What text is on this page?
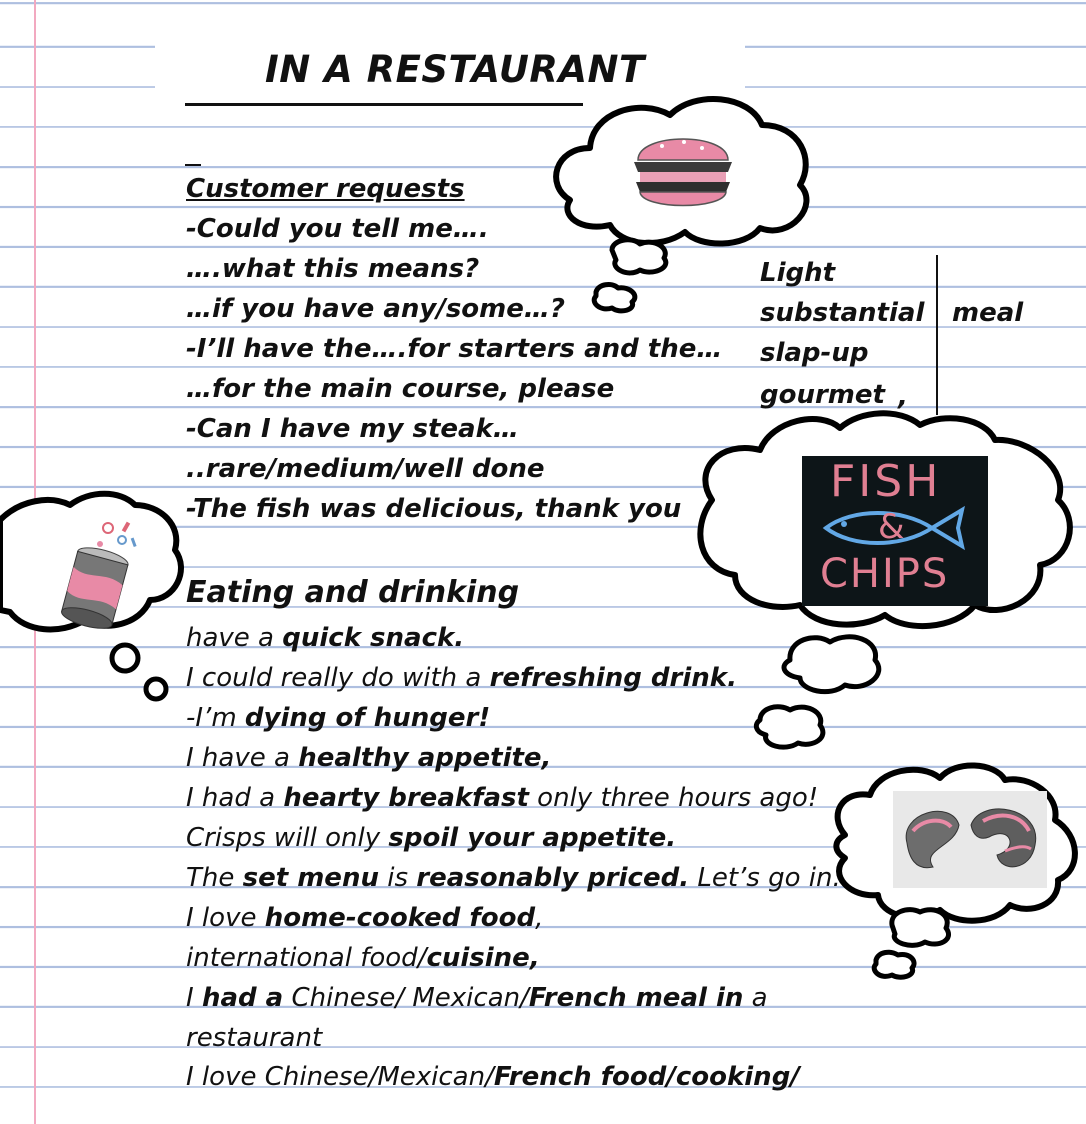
FISH
&
CHIPS
IN A RESTAURANT
Customer requests
-Could you tell me….
….what this means?
…if you have any/some…?
-I’ll have the….for starters and the…
…for the main course, please
-Can I have my steak…
..rare/medium/well done
-The fish was delicious, thank you
Light
substantial meal
slap-up
gourmet ,
Eating and drinking
have a quick snack.
I could really do with a refreshing drink.
-I’m dying of hunger!
I have a healthy appetite,
I had a hearty breakfast only three hours ago!
Crisps will only spoil your appetite.
The set menu is reasonably priced. Let’s go in.
I love home-cooked food,
international food/cuisine,
I had a Chinese/ Mexican/French meal in a
restaurant
I love Chinese/Mexican/French food/cooking/
